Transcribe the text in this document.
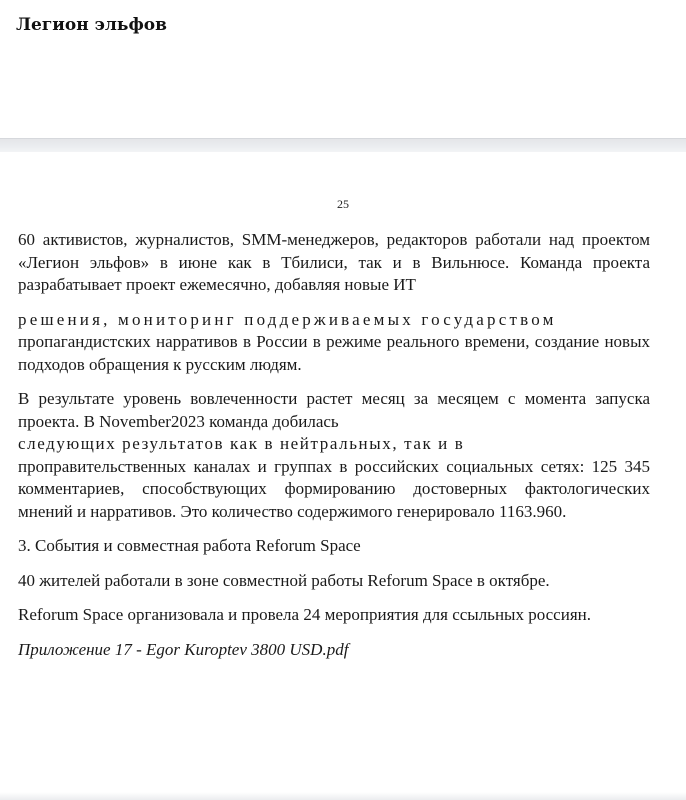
Легион эльфов
25

60 активистов, журналистов, SMM-менеджеров, редакторов работали над проектом «Легион эльфов» в июне как в Тбилиси, так и в Вильнюсе. Команда проекта разрабатывает проект ежемесячно, добавляя новые ИТ

решения, мониторинг поддерживаемых государством

пропагандистских нарративов в России в режиме реального времени, создание новых подходов обращения к русским людям.

В результате уровень вовлеченности растет месяц за месяцем с момента запуска проекта. В November2023 команда добилась

следующих результатов как в нейтральных, так и в

проправительственных каналах и группах в российских социальных сетях: 125 345 комментариев, способствующих формированию достоверных фактологических мнений и нарративов. Это количество содержимого генерировало 1163.960.

3. События и совместная работа Reforum Space

40 жителей работали в зоне совместной работы Reforum Space в октябре.

Reforum Space организовала и провела 24 мероприятия для ссыльных россиян.

Приложение 17 - Egor Kuroptev 3800 USD.pdf
